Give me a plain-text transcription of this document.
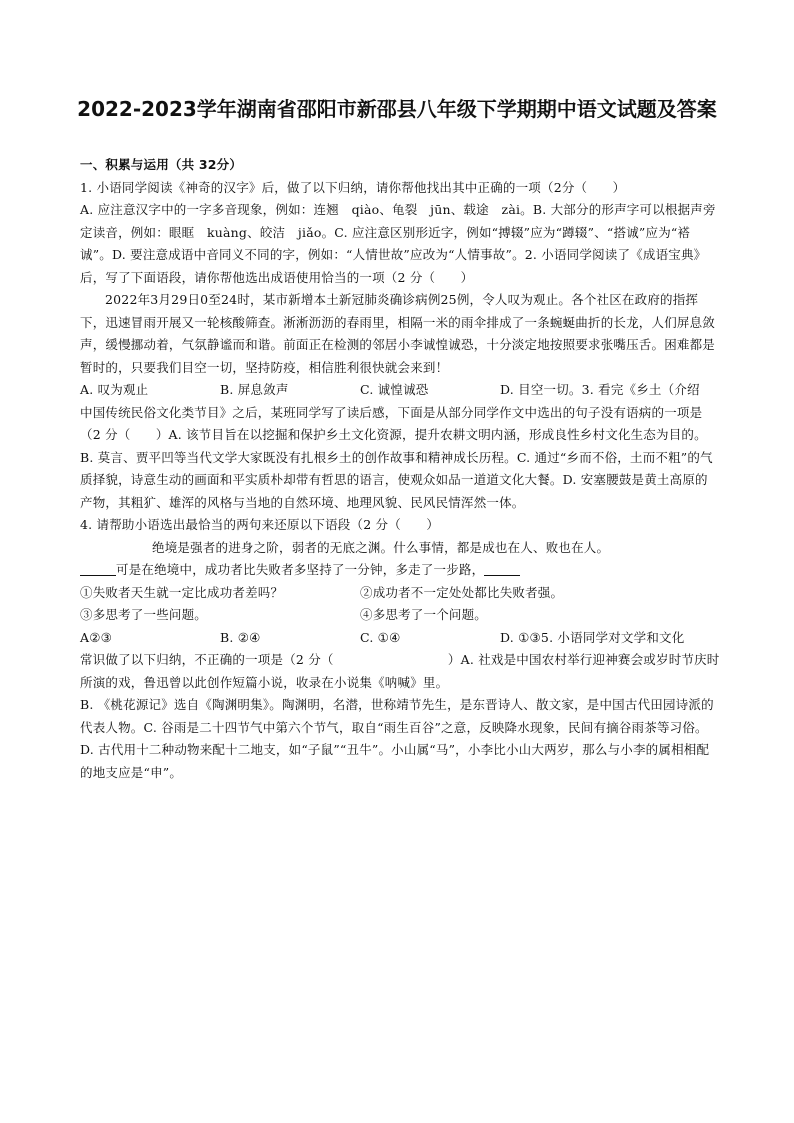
2022-2023学年湖南省邵阳市新邵县八年级下学期期中语文试题及答案

一、积累与运用（共 32分）

1. 小语同学阅读《神奇的汉字》后，做了以下归纳，请你帮他找出其中正确的一项（2分（　　）

A. 应注意汉字中的一字多音现象，例如：连翘　qiào、龟裂　jūn、载途　zài。B. 大部分的形声字可以根据声旁定读音，例如：眼眶　kuàng、皎洁　jiǎo。C. 应注意区别形近字，例如“搏辍”应为“蹲辍”、“搭诚”应为“褡诚”。D. 要注意成语中音同义不同的字，例如：“人情世故”应改为“人情事故”。2. 小语同学阅读了《成语宝典》后，写了下面语段，请你帮他选出成语使用恰当的一项（2 分（　　）

2022年3月29日0至24时，某市新增本土新冠肺炎确诊病例25例，令人叹为观止。各个社区在政府的指挥下，迅速冒雨开展又一轮核酸筛查。淅淅沥沥的春雨里，相隔一米的雨伞排成了一条蜿蜒曲折的长龙，人们屏息敛声，缓慢挪动着，气氛静谧而和谐。前面正在检测的邻居小李诚惶诚恐，十分淡定地按照要求张嘴压舌。困难都是暂时的，只要我们目空一切，坚持防疫，相信胜利很快就会来到！

A. 叹为观止	B. 屏息敛声	C. 诚惶诚恐	D. 目空一切。3. 看完《乡土（介绍

中国传统民俗文化类节目》之后，某班同学写了读后感，下面是从部分同学作文中选出的句子没有语病的一项是（2 分（　　）A. 该节目旨在以挖掘和保护乡土文化资源，提升农耕文明内涵，形成良性乡村文化生态为目的。B. 莫言、贾平凹等当代文学大家既没有扎根乡土的创作故事和精神成长历程。C. 通过“乡而不俗，土而不粗”的气质择貌，诗意生动的画面和平实质朴却带有哲思的语言，使观众如品一道道文化大餐。D. 安塞腰鼓是黄土高原的产物，其粗犷、雄浑的风格与当地的自然环境、地理风貌、民风民情浑然一体。

4. 请帮助小语选出最恰当的两句来还原以下语段（2 分（　　）

绝境是强者的进身之阶，弱者的无底之渊。什么事情，都是成也在人、败也在人。

可是在绝境中，成功者比失败者多坚持了一分钟，多走了一步路，

①失败者天生就一定比成功者差吗？	②成功者不一定处处都比失败者强。
③多思考了一些问题。	④多思考了一个问题。
A②③	B. ②④	C. ①④	D. ①③5. 小语同学对文学和文化

常识做了以下归纳，不正确的一项是（2 分（　　　　　　　　　）A. 社戏是中国农村举行迎神赛会或岁时节庆时所演的戏，鲁迅曾以此创作短篇小说，收录在小说集《呐喊》里。

B. 《桃花源记》选自《陶渊明集》。陶渊明，名潜，世称靖节先生，是东晋诗人、散文家，是中国古代田园诗派的代表人物。C. 谷雨是二十四节气中第六个节气，取自“雨生百谷”之意，反映降水现象，民间有摘谷雨茶等习俗。

D. 古代用十二种动物来配十二地支，如“子鼠”“丑牛”。小山属“马”，小李比小山大两岁，那么与小李的属相相配的地支应是“申”。
